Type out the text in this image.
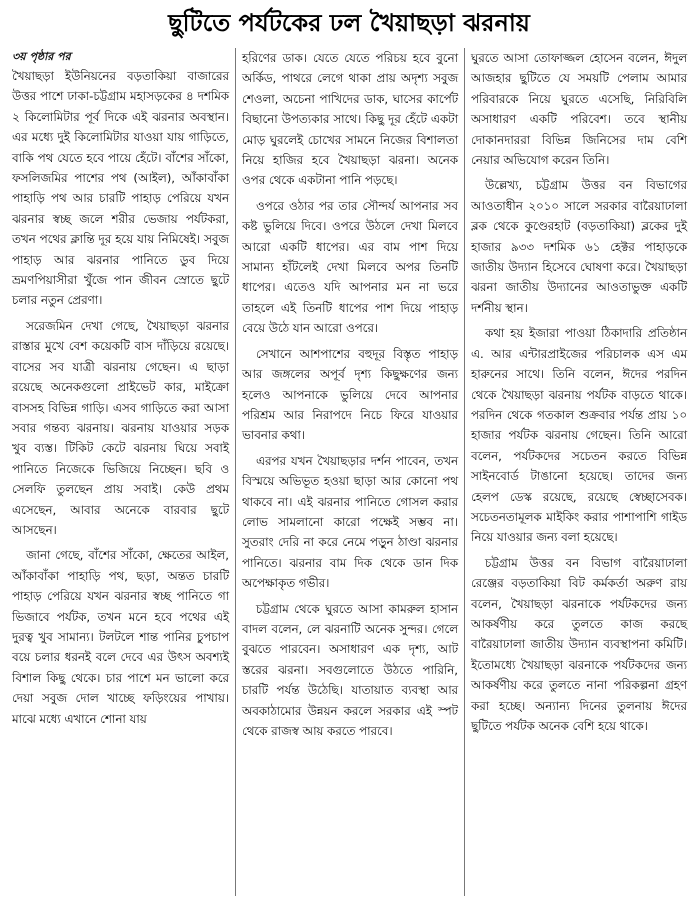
ছুটিতে পর্যটকের ঢল খৈয়াছড়া ঝরনায়

৩য় পৃষ্ঠার পর

খৈয়াছড়া ইউনিয়নের বড়তাকিয়া বাজারের উত্তর পাশে ঢাকা-চট্টগ্রাম মহাসড়কের ৪ দশমিক ২ কিলোমিটার পূর্ব দিকে এই ঝরনার অবস্থান। এর মধ্যে দুই কিলোমিটার যাওয়া যায় গাড়িতে, বাকি পথ যেতে হবে পায়ে হেঁটে। বাঁশের সাঁকো, ফসলিজমির পাশের পথ (আইল), আঁকাবাঁকা পাহাড়ি পথ আর চারটি পাহাড় পেরিয়ে যখন ঝরনার স্বচ্ছ জলে শরীর ভেজায় পর্যটকরা, তখন পথের ক্লান্তি দূর হয়ে যায় নিমিষেই। সবুজ পাহাড় আর ঝরনার পানিতে ডুব দিয়ে ভ্রমণপিয়াসীরা খুঁজে পান জীবন স্রোতে ছুটে চলার নতুন প্রেরণা।

সরেজমিন দেখা গেছে, খৈয়াছড়া ঝরনার রাস্তার মুখে বেশ কয়েকটি বাস দাঁড়িয়ে রয়েছে। বাসের সব যাত্রী ঝরনায় গেছেন। এ ছাড়া রয়েছে অনেকগুলো প্রাইভেট কার, মাইক্রো বাসসহ বিভিন্ন গাড়ি। এসব গাড়িতে করা আসা সবার গন্তব্য ঝরনায়। ঝরনায় যাওয়ার সড়ক খুব ব্যস্ত। টিকিট কেটে ঝরনায় ঘিয়ে সবাই পানিতে নিজেকে ভিজিয়ে নিচ্ছেন। ছবি ও সেলফি তুলছেন প্রায় সবাই। কেউ প্রথম এসেছেন, আবার অনেকে বারবার ছুটে আসছেন।

জানা গেছে, বাঁশের সাঁকো, ক্ষেতের আইল, আঁকাবাঁকা পাহাড়ি পথ, ছড়া, অন্তত চারটি পাহাড় পেরিয়ে যখন ঝরনার স্বচ্ছ পানিতে গা ভিজাবে পর্যটক, তখন মনে হবে পথের এই দুরত্ব খুব সামান্য। টলটলে শান্ত পানির চুপচাপ বয়ে চলার ধরনই বলে দেবে এর উৎস অবশ্যই বিশাল কিছু থেকে। চার পাশে মন ভালো করে দেয়া সবুজ দোল খাচ্ছে ফড়িংয়ের পাখায়। মাঝে মধ্যে এখানে শোনা যায়

হরিণের ডাক। যেতে যেতে পরিচয় হবে বুনো অর্কিড, পাথরে লেগে থাকা প্রায় অদৃশ্য সবুজ শেওলা, অচেনা পাখিদের ডাক, ঘাসের কার্পেট বিছানো উপত্যকার সাথে। কিছু দূর হেঁটে একটা মোড় ঘুরলেই চোখের সামনে নিজের বিশালতা নিয়ে হাজির হবে খৈয়াছড়া ঝরনা। অনেক ওপর থেকে একটানা পানি পড়ছে।

ওপরে ওঠার পর তার সৌন্দর্য আপনার সব কষ্ট ভুলিয়ে দিবে। ওপরে উঠলে দেখা মিলবে আরো একটি ধাপের। এর বাম পাশ দিয়ে সামান্য হাঁটলেই দেখা মিলবে অপর তিনটি ধাপের। এতেও যদি আপনার মন না ভরে তাহলে এই তিনটি ধাপের পাশ দিয়ে পাহাড় বেয়ে উঠে যান আরো ওপরে।

সেখানে আশপাশের বহুদূর বিস্তৃত পাহাড় আর জঙ্গলের অপূর্ব দৃশ্য কিছুক্ষণের জন্য হলেও আপনাকে ভুলিয়ে দেবে আপনার পরিশ্রম আর নিরাপদে নিচে ফিরে যাওয়ার ভাবনার কথা।

এরপর যখন খৈয়াছড়ার দর্শন পাবেন, তখন বিস্ময়ে অভিভূত হওয়া ছাড়া আর কোনো পথ থাকবে না। এই ঝরনার পানিতে গোসল করার লোভ সামলানো কারো পক্ষেই সম্ভব না। সুতরাং দেরি না করে নেমে পড়ুন ঠাণ্ডা ঝরনার পানিতে। ঝরনার বাম দিক থেকে ডান দিক অপেক্ষাকৃত গভীর।

চট্টগ্রাম থেকে ঘুরতে আসা কামরুল হাসান বাদল বলেন, লে ঝরনাটি অনেক সুন্দর। গেলে বুঝতে পারবেন। অসাধারণ এক দৃশ্য, আট স্তরের ঝরনা। সবগুলোতে উঠতে পারিনি, চারটি পর্যন্ত উঠেছি। যাতায়াত ব্যবস্থা আর অবকাঠামোর উন্নয়ন করলে সরকার এই স্পট থেকে রাজস্ব আয় করতে পারবে।

ঘুরতে আসা তোফাজ্জল হোসেন বলেন, ঈদুল আজহার ছুটিতে যে সময়টি পেলাম আমার পরিবারকে নিয়ে ঘুরতে এসেছি, নিরিবিলি অসাধারণ একটি পরিবেশ। তবে স্থানীয় দোকানদাররা বিভিন্ন জিনিসের দাম বেশি নেয়ার অভিযোগ করেন তিনি।

উল্লেখ্য, চট্টগ্রাম উত্তর বন বিভাগের আওতাধীন ২০১০ সালে সরকার বারৈয়াঢালা ব্লক থেকে কুণ্ডেরহাট (বড়তাকিয়া) ব্লকের দুই হাজার ৯৩৩ দশমিক ৬১ হেক্টর পাহাড়কে জাতীয় উদ্যান হিসেবে ঘোষণা করে। খৈয়াছড়া ঝরনা জাতীয় উদ্যানের আওতাভুক্ত একটি দর্শনীয় স্থান।

কথা হয় ইজারা পাওয়া ঠিকাদারি প্রতিষ্ঠান এ. আর এন্টারপ্রাইজের পরিচালক এস এম হারুনের সাথে। তিনি বলেন, ঈদের পরদিন থেকে খৈয়াছড়া ঝরনায় পর্যটক বাড়তে থাকে। পরদিন থেকে গতকাল শুক্রবার পর্যন্ত প্রায় ১০ হাজার পর্যটক ঝরনায় গেছেন। তিনি আরো বলেন, পর্যটকদের সচেতন করতে বিভিন্ন সাইনবোর্ড টাঙানো হয়েছে। তাদের জন্য হেলপ ডেস্ক রয়েছে, রয়েছে স্বেচ্ছাসেবক। সচেতনতামূলক মাইকিং করার পাশাপাশি গাইড নিয়ে যাওয়ার জন্য বলা হয়েছে।

চট্টগ্রাম উত্তর বন বিভাগ বারৈয়াঢালা রেঞ্জের বড়তাকিয়া বিট কর্মকর্তা অরুণ রায় বলেন, খৈয়াছড়া ঝরনাকে পর্যটকদের জন্য আকর্ষণীয় করে তুলতে কাজ করছে বারৈয়াঢালা জাতীয় উদ্যান ব্যবস্থাপনা কমিটি। ইতোমধ্যে খৈয়াছড়া ঝরনাকে পর্যটকদের জন্য আকর্ষণীয় করে তুলতে নানা পরিকল্পনা গ্রহণ করা হচ্ছে। অন্যান্য দিনের তুলনায় ঈদের ছুটিতে পর্যটক অনেক বেশি হয়ে থাকে।
